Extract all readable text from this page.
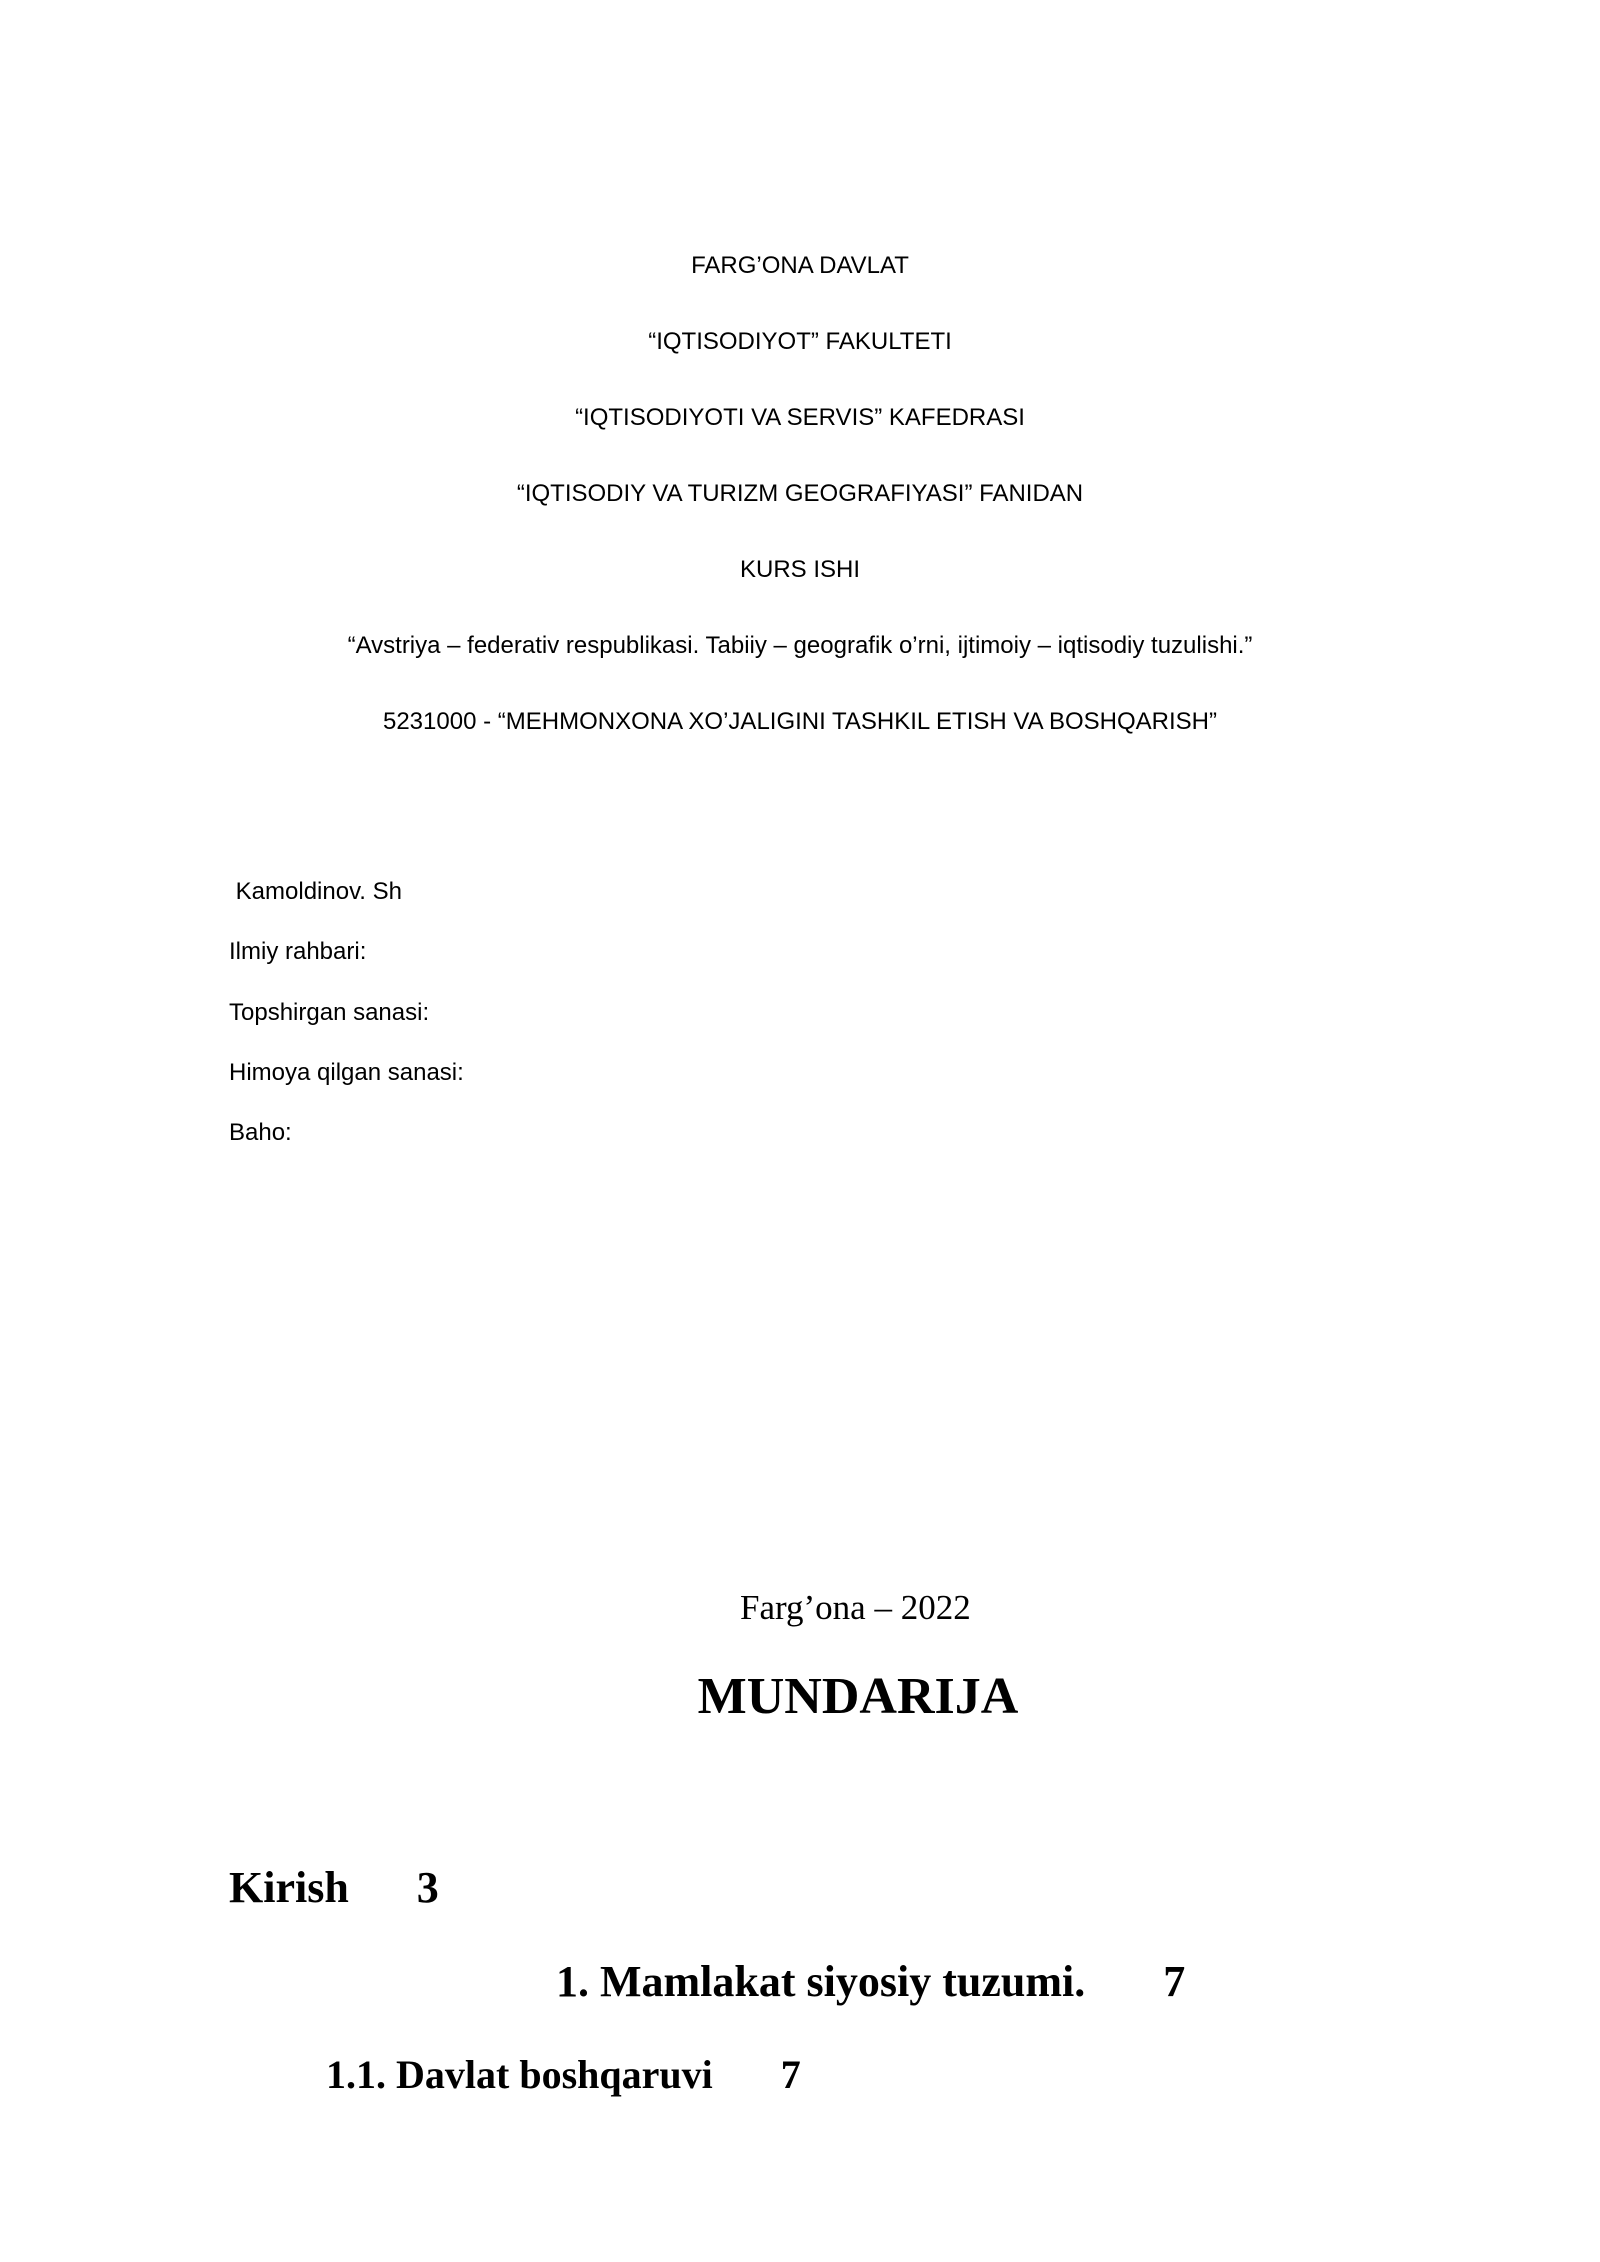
FARG’ONA DAVLAT
“IQTISODIYOT” FAKULTETI
“IQTISODIYOTI VA SERVIS” KAFEDRASI
“IQTISODIY VA TURIZM GEOGRAFIYASI” FANIDAN
KURS ISHI
“Avstriya – federativ respublikasi. Tabiiy – geografik o’rni, ijtimoiy – iqtisodiy tuzulishi.”
5231000 - “MEHMONXONA XO’JALIGINI TASHKIL ETISH VA BOSHQARISH”
Kamoldinov. Sh
Ilmiy rahbari:
Topshirgan sanasi:
Himoya qilgan sanasi:
Baho:
Farg’ona – 2022
MUNDARIJA
Kirish 3
1. Mamlakat siyosiy tuzumi. 7
1.1. Davlat boshqaruvi 7
